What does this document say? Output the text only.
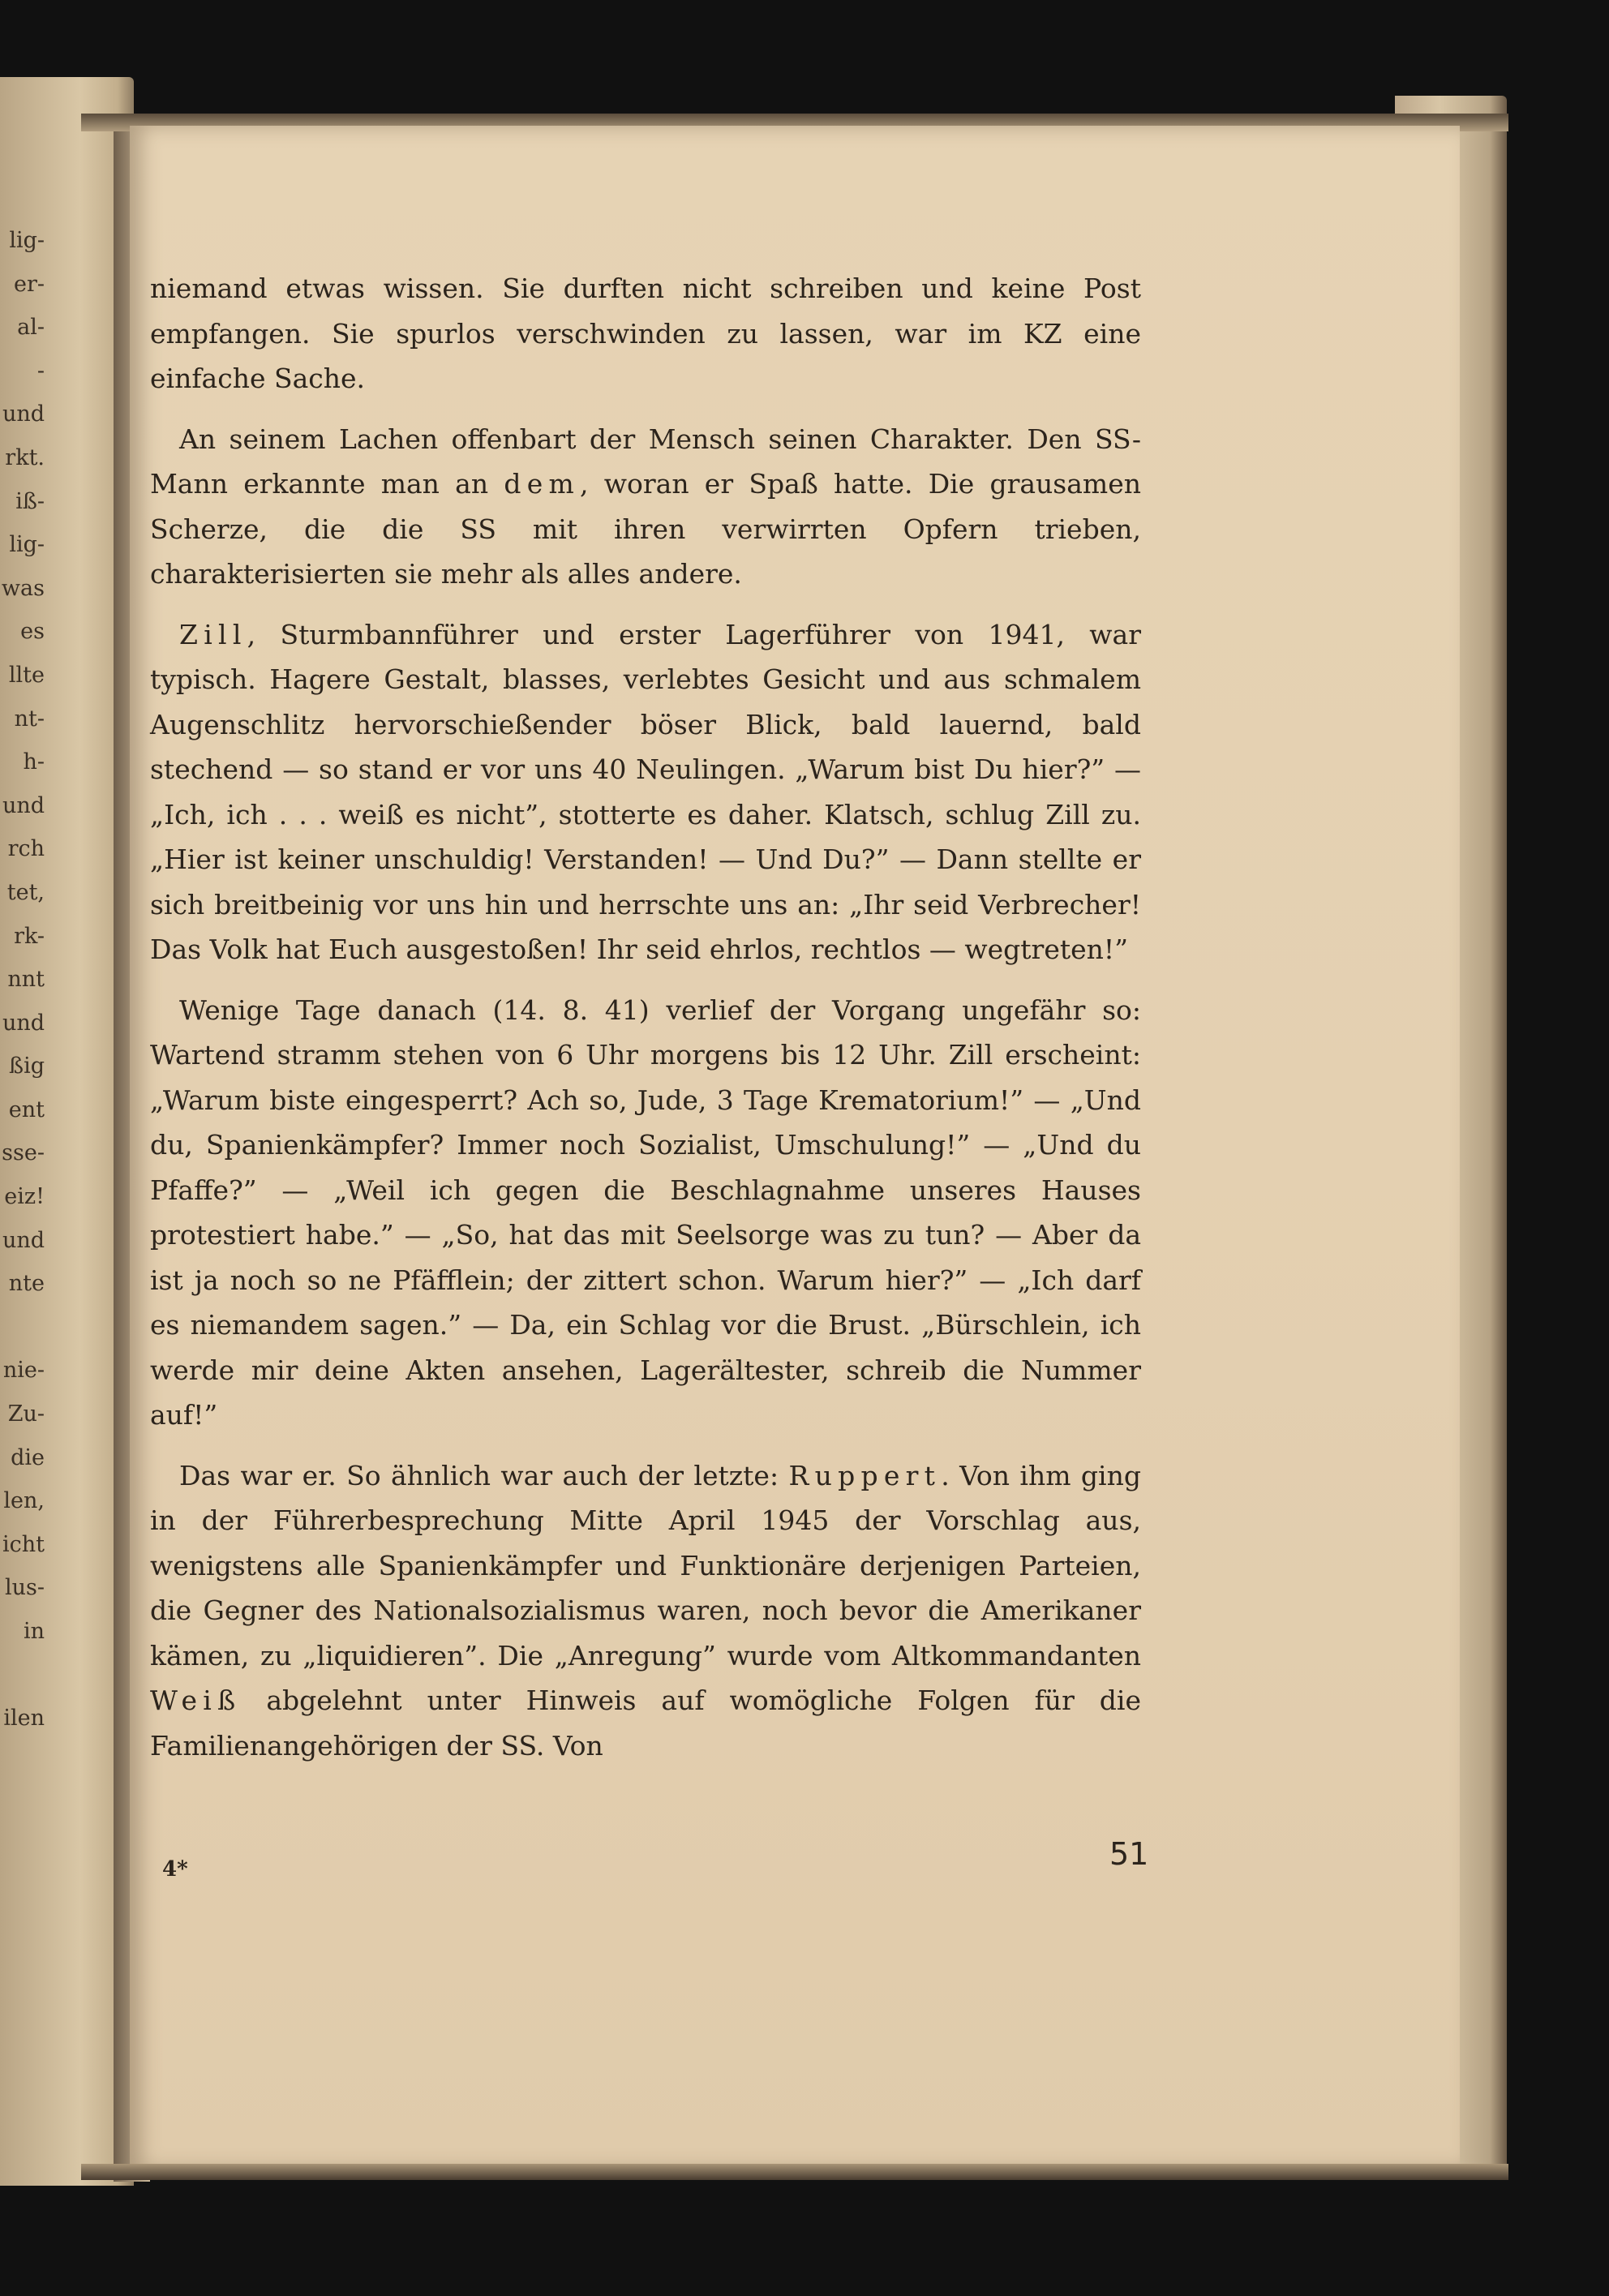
lig-
er-
al-
-
und
rkt.
iß-
lig-
was
es
llte
nt-
h-
und
rch
tet,
rk-
nnt
und
ßig
ent
sse-
eiz!
und
nte

nie-
Zu-
die
len,
icht
lus-
in

ilen

niemand etwas wissen. Sie durften nicht schreiben und keine Post empfangen. Sie spurlos verschwinden zu lassen, war im KZ eine einfache Sache.

An seinem Lachen offenbart der Mensch seinen Charakter. Den SS-Mann erkannte man an dem, woran er Spaß hatte. Die grausamen Scherze, die die SS mit ihren verwirrten Opfern trieben, charakterisierten sie mehr als alles andere.

Zill, Sturmbannführer und erster Lagerführer von 1941, war typisch. Hagere Gestalt, blasses, verlebtes Gesicht und aus schmalem Augenschlitz hervorschießender böser Blick, bald lauernd, bald stechend — so stand er vor uns 40 Neulingen. „Warum bist Du hier?” — „Ich, ich . . . weiß es nicht”, stotterte es daher. Klatsch, schlug Zill zu. „Hier ist keiner unschuldig! Verstanden! — Und Du?” — Dann stellte er sich breitbeinig vor uns hin und herrschte uns an: „Ihr seid Verbrecher! Das Volk hat Euch ausgestoßen! Ihr seid ehrlos, rechtlos — wegtreten!”

Wenige Tage danach (14. 8. 41) verlief der Vorgang ungefähr so: Wartend stramm stehen von 6 Uhr morgens bis 12 Uhr. Zill erscheint: „Warum biste eingesperrt? Ach so, Jude, 3 Tage Krematorium!” — „Und du, Spanienkämpfer? Immer noch Sozialist, Umschulung!” — „Und du Pfaffe?” — „Weil ich gegen die Beschlagnahme unseres Hauses protestiert habe.” — „So, hat das mit Seelsorge was zu tun? — Aber da ist ja noch so ne Pfäfflein; der zittert schon. Warum hier?” — „Ich darf es niemandem sagen.” — Da, ein Schlag vor die Brust. „Bürschlein, ich werde mir deine Akten ansehen, Lagerältester, schreib die Nummer auf!”

Das war er. So ähnlich war auch der letzte: Ruppert. Von ihm ging in der Führerbesprechung Mitte April 1945 der Vorschlag aus, wenigstens alle Spanienkämpfer und Funktionäre derjenigen Parteien, die Gegner des Nationalsozialismus waren, noch bevor die Amerikaner kämen, zu „liquidieren”. Die „Anregung” wurde vom Altkommandanten Weiß abgelehnt unter Hinweis auf womögliche Folgen für die Familienangehörigen der SS. Von

4*	51
